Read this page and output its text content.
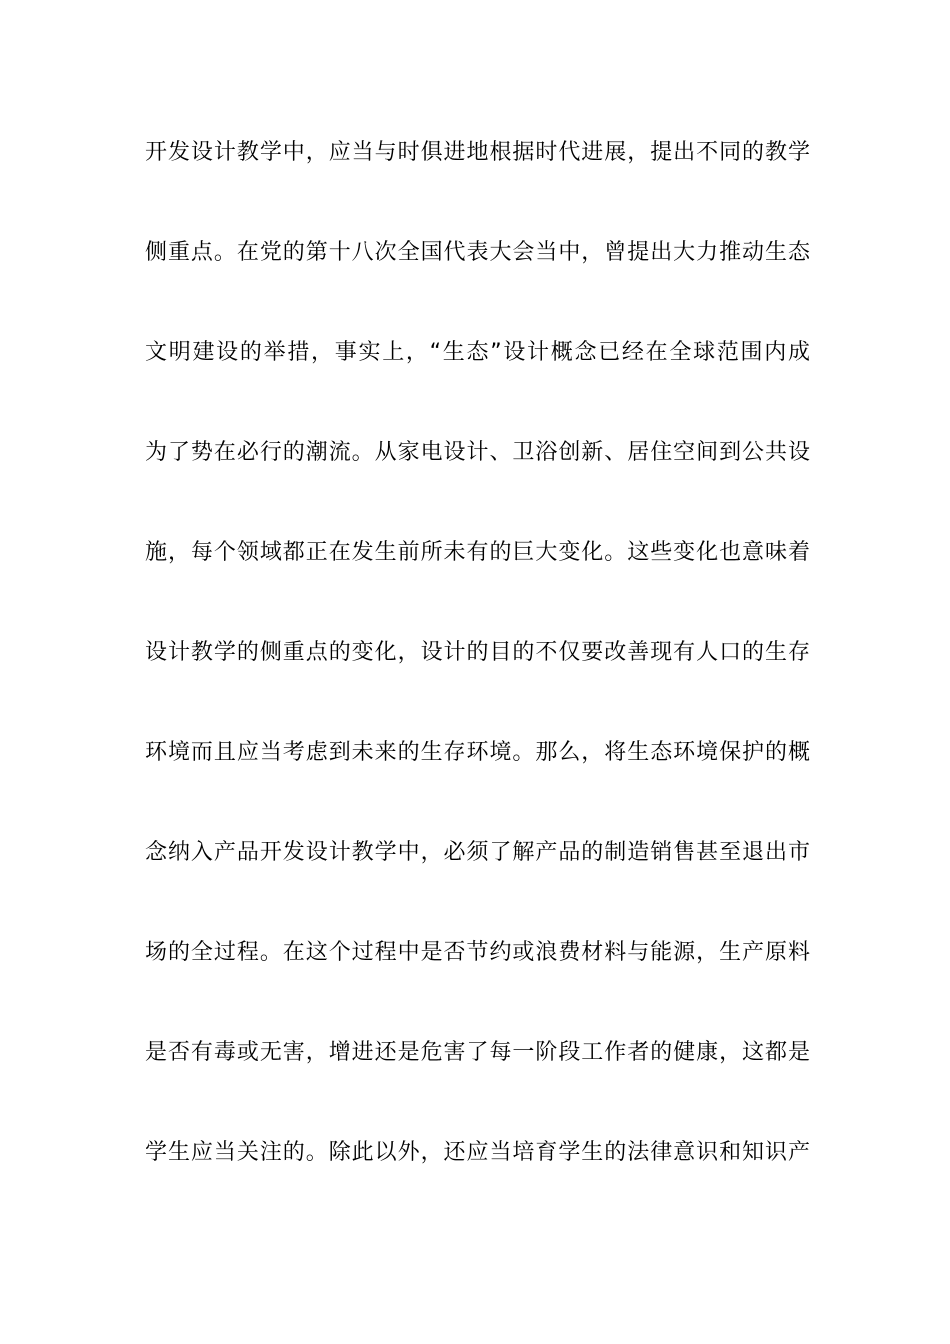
开发设计教学中，应当与时俱进地根据时代进展，提出不同的教学
侧重点。在党的第十八次全国代表大会当中，曾提出大力推动生态
文明建设的举措，事实上，“生态”设计概念已经在全球范围内成
为了势在必行的潮流。从家电设计、卫浴创新、居住空间到公共设
施，每个领域都正在发生前所未有的巨大变化。这些变化也意味着
设计教学的侧重点的变化，设计的目的不仅要改善现有人口的生存
环境而且应当考虑到未来的生存环境。那么，将生态环境保护的概
念纳入产品开发设计教学中，必须了解产品的制造销售甚至退出市
场的全过程。在这个过程中是否节约或浪费材料与能源，生产原料
是否有毒或无害，增进还是危害了每一阶段工作者的健康，这都是
学生应当关注的。除此以外，还应当培育学生的法律意识和知识产
